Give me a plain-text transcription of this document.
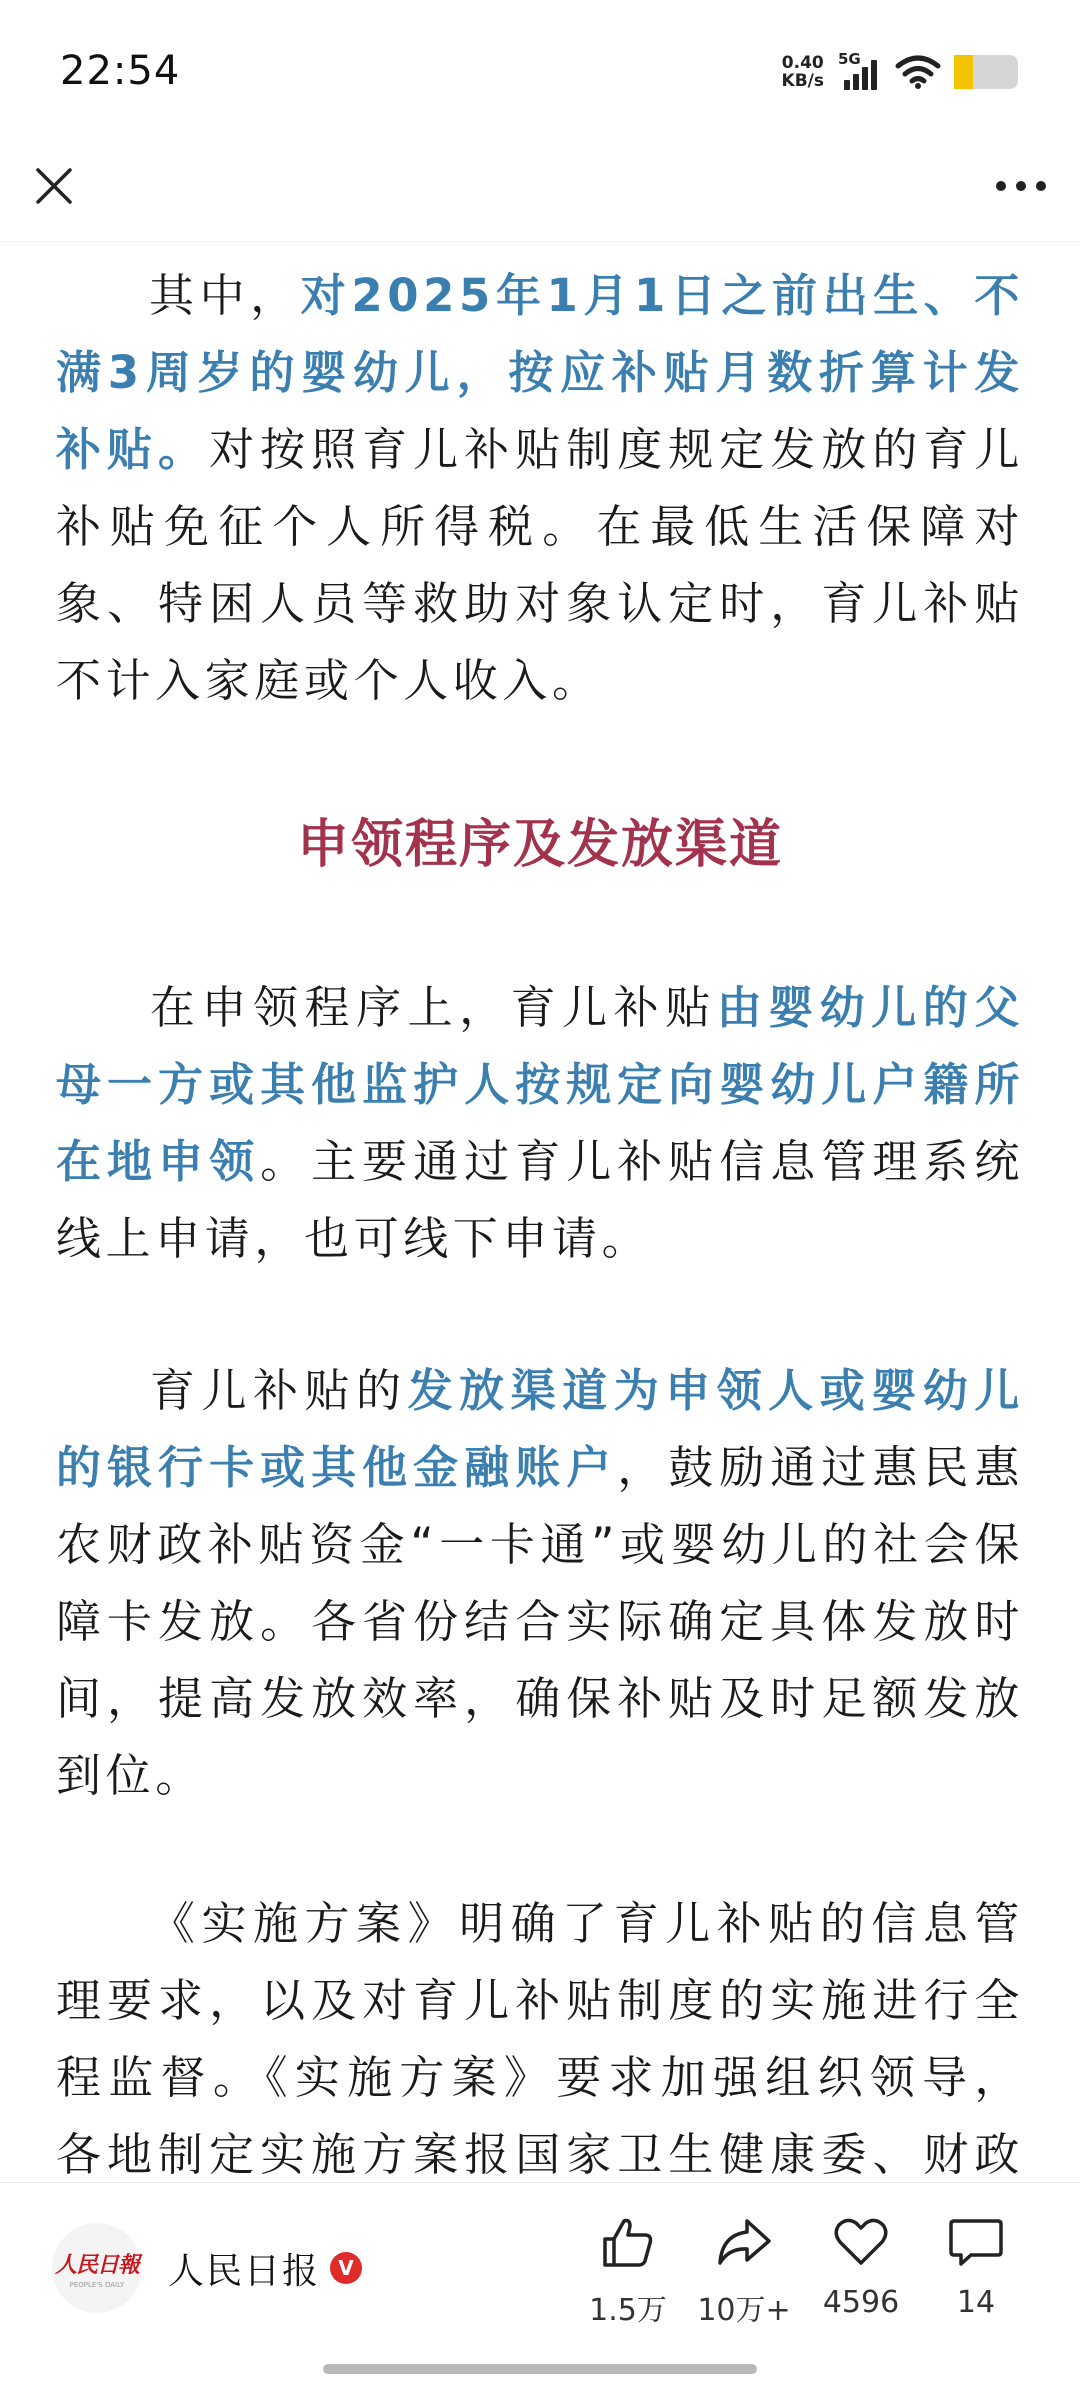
22:54	0.40
KB/s
5G

其中，对2025年1月1日之前出生、不满3周岁的婴幼儿，按应补贴月数折算计发补贴。对按照育儿补贴制度规定发放的育儿补贴免征个人所得税。在最低生活保障对象、特困人员等救助对象认定时，育儿补贴不计入家庭或个人收入。

申领程序及发放渠道

在申领程序上，育儿补贴由婴幼儿的父母一方或其他监护人按规定向婴幼儿户籍所在地申领。主要通过育儿补贴信息管理系统线上申请，也可线下申请。

育儿补贴的发放渠道为申领人或婴幼儿的银行卡或其他金融账户，鼓励通过惠民惠农财政补贴资金“一卡通”或婴幼儿的社会保障卡发放。各省份结合实际确定具体发放时间，提高发放效率，确保补贴及时足额发放到位。

《实施方案》明确了育儿补贴的信息管理要求，以及对育儿补贴制度的实施进行全程监督。《实施方案》要求加强组织领导，各地制定实施方案报国家卫生健康委、财政

人民日報
PEOPLE'S DAILY 人民日报 V
1.5万 10万+ 4596 14
